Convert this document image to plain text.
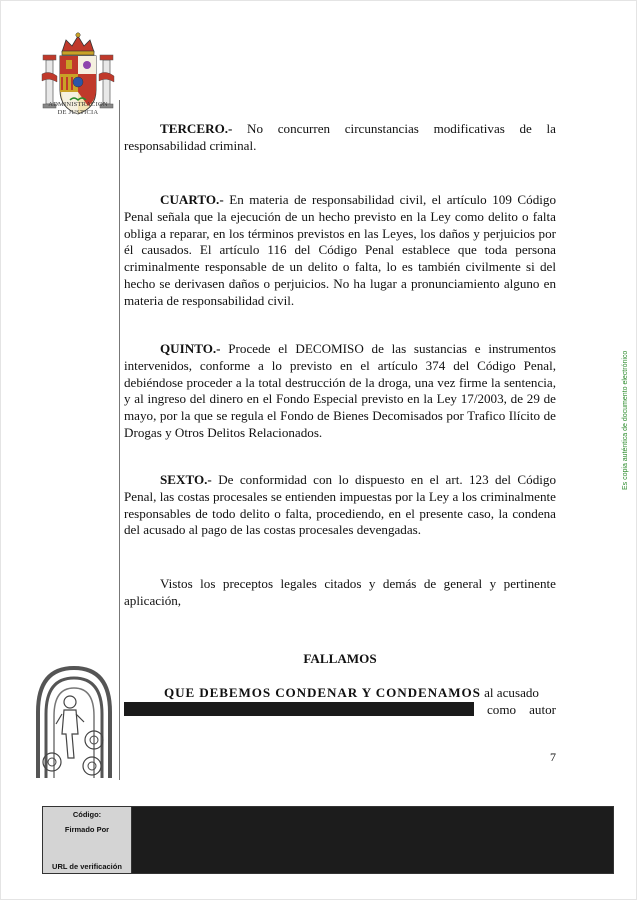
ADMINISTRACION
DE JUSTICIA

TERCERO.- No concurren circunstancias modificativas de la responsabilidad criminal.

CUARTO.- En materia de responsabilidad civil, el artículo 109 Código Penal señala que la ejecución de un hecho previsto en la Ley como delito o falta obliga a reparar, en los términos previstos en las Leyes, los daños y perjuicios por él causados. El artículo 116 del Código Penal establece que toda persona criminalmente responsable de un delito o falta, lo es también civilmente si del hecho se derivasen daños o perjuicios. No ha lugar a pronunciamiento alguno en materia de responsabilidad civil.

QUINTO.- Procede el DECOMISO de las sustancias e instrumentos intervenidos, conforme a lo previsto en el artículo 374 del Código Penal, debiéndose proceder a la total destrucción de la droga, una vez firme la sentencia, y al ingreso del dinero en el Fondo Especial previsto en la Ley 17/2003, de 29 de mayo, por la que se regula el Fondo de Bienes Decomisados por Trafico Ilícito de Drogas y Otros Delitos Relacionados.

SEXTO.- De conformidad con lo dispuesto en el art. 123 del Código Penal, las costas procesales se entienden impuestas por la Ley a los criminalmente responsables de todo delito o falta, procediendo, en el presente caso, la condena del acusado al pago de las costas procesales devengadas.

Vistos los preceptos legales citados y demás de general y pertinente aplicación,

FALLAMOS

QUE DEBEMOS CONDENAR Y CONDENAMOS al acusado

como autor

7
Es copia auténtica de documento electrónico
Código:
Firmado Por
URL de verificación
